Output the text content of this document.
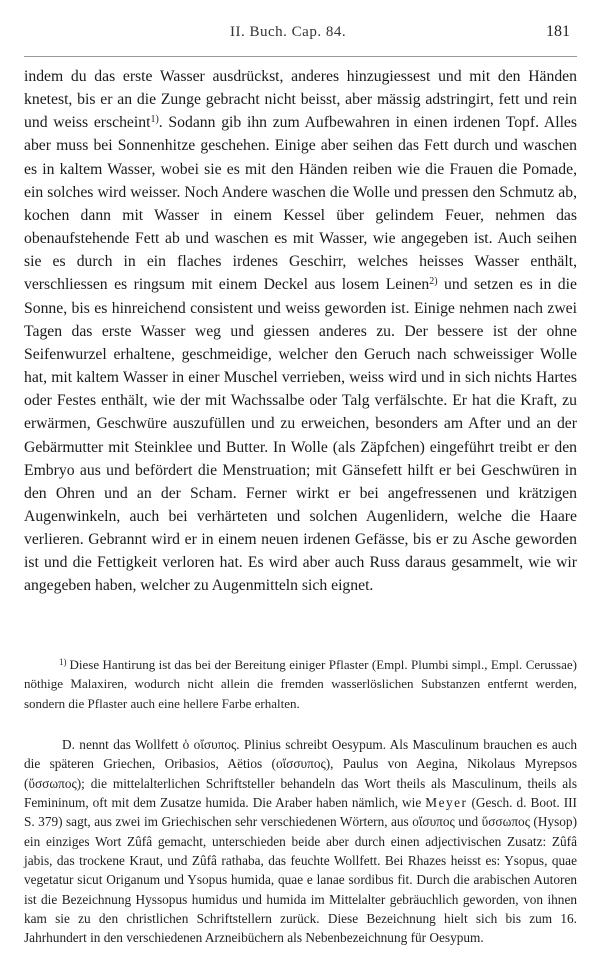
II. Buch. Cap. 84.	181

indem du das erste Wasser ausdrückst, anderes hinzugiessest und mit den Händen knetest, bis er an die Zunge gebracht nicht beisst, aber mässig adstringirt, fett und rein und weiss erscheint$^{1)}$. Sodann gib ihn zum Aufbewahren in einen irdenen Topf. Alles aber muss bei Sonnenhitze geschehen. Einige aber seihen das Fett durch und waschen es in kaltem Wasser, wobei sie es mit den Händen reiben wie die Frauen die Pomade, ein solches wird weisser. Noch Andere waschen die Wolle und pressen den Schmutz ab, kochen dann mit Wasser in einem Kessel über gelindem Feuer, nehmen das obenaufstehende Fett ab und waschen es mit Wasser, wie angegeben ist. Auch seihen sie es durch in ein flaches irdenes Geschirr, welches heisses Wasser enthält, verschliessen es ringsum mit einem Deckel aus losem Leinen$^{2)}$ und setzen es in die Sonne, bis es hinreichend consistent und weiss geworden ist. Einige nehmen nach zwei Tagen das erste Wasser weg und giessen anderes zu. Der bessere ist der ohne Seifenwurzel erhaltene, geschmeidige, welcher den Geruch nach schweissiger Wolle hat, mit kaltem Wasser in einer Muschel verrieben, weiss wird und in sich nichts Hartes oder Festes enthält, wie der mit Wachssalbe oder Talg verfälschte. Er hat die Kraft, zu erwärmen, Geschwüre auszufüllen und zu erweichen, besonders am After und an der Gebärmutter mit Steinklee und Butter. In Wolle (als Zäpfchen) eingeführt treibt er den Embryo aus und befördert die Menstruation; mit Gänsefett hilft er bei Geschwüren in den Ohren und an der Scham. Ferner wirkt er bei angefressenen und krätzigen Augenwinkeln, auch bei verhärteten und solchen Augenlidern, welche die Haare verlieren. Gebrannt wird er in einem neuen irdenen Gefässe, bis er zu Asche geworden ist und die Fettigkeit verloren hat. Es wird aber auch Russ daraus gesammelt, wie wir angegeben haben, welcher zu Augenmitteln sich eignet.

$^{1)}$ Diese Hantirung ist das bei der Bereitung einiger Pflaster (Empl. Plumbi simpl., Empl. Cerussae) nöthige Malaxiren, wodurch nicht allein die fremden wasserlöslichen Substanzen entfernt werden, sondern die Pflaster auch eine hellere Farbe erhalten.

D. nennt das Wollfett ὁ οἴσυπος. Plinius schreibt Oesypum. Als Masculinum brauchen es auch die späteren Griechen, Oribasios, Aëtios (οἴσσυπος), Paulus von Aegina, Nikolaus Myrepsos (ὕσσωπος); die mittelalterlichen Schriftsteller behandeln das Wort theils als Masculinum, theils als Femininum, oft mit dem Zusatze humida. Die Araber haben nämlich, wie Meyer (Gesch. d. Boot. III S. 379) sagt, aus zwei im Griechischen sehr verschiedenen Wörtern, aus οἴσυπος und ὕσσωπος (Hysop) ein einziges Wort Zûfâ gemacht, unterschieden beide aber durch einen adjectivischen Zusatz: Zûfâ jabis, das trockene Kraut, und Zûfâ rathaba, das feuchte Wollfett. Bei Rhazes heisst es: Ysopus, quae vegetatur sicut Origanum und Ysopus humida, quae e lanae sordibus fit. Durch die arabischen Autoren ist die Bezeichnung Hyssopus humidus und humida im Mittelalter gebräuchlich geworden, von ihnen kam sie zu den christlichen Schriftstellern zurück. Diese Bezeichnung hielt sich bis zum 16. Jahrhundert in den verschiedenen Arzneibüchern als Nebenbezeichnung für Oesypum.
